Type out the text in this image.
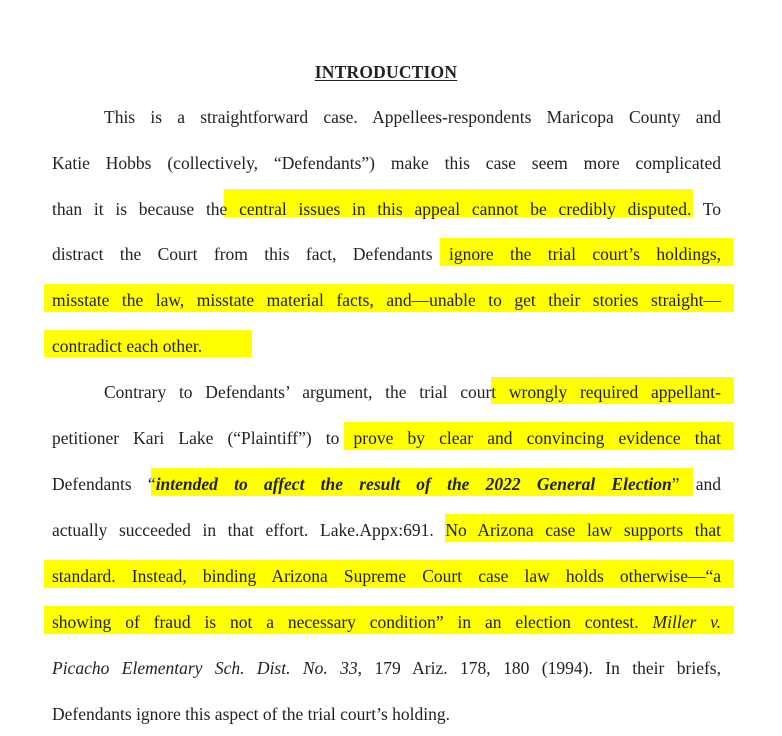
INTRODUCTION
This is a straightforward case. Appellees-respondents Maricopa County and
Katie Hobbs (collectively, “Defendants”) make this case seem more complicated
than it is because the central issues in this appeal cannot be credibly disputed. To
distract the Court from this fact, Defendants ignore the trial court’s holdings,
misstate the law, misstate material facts, and—unable to get their stories straight—
contradict each other.
Contrary to Defendants’ argument, the trial court wrongly required appellant-
petitioner Kari Lake (“Plaintiff”) to prove by clear and convincing evidence that
Defendants “intended to affect the result of the 2022 General Election” and
actually succeeded in that effort. Lake.Appx:691. No Arizona case law supports that
standard. Instead, binding Arizona Supreme Court case law holds otherwise—“a
showing of fraud is not a necessary condition” in an election contest. Miller v.
Picacho Elementary Sch. Dist. No. 33, 179 Ariz. 178, 180 (1994). In their briefs,
Defendants ignore this aspect of the trial court’s holding.
